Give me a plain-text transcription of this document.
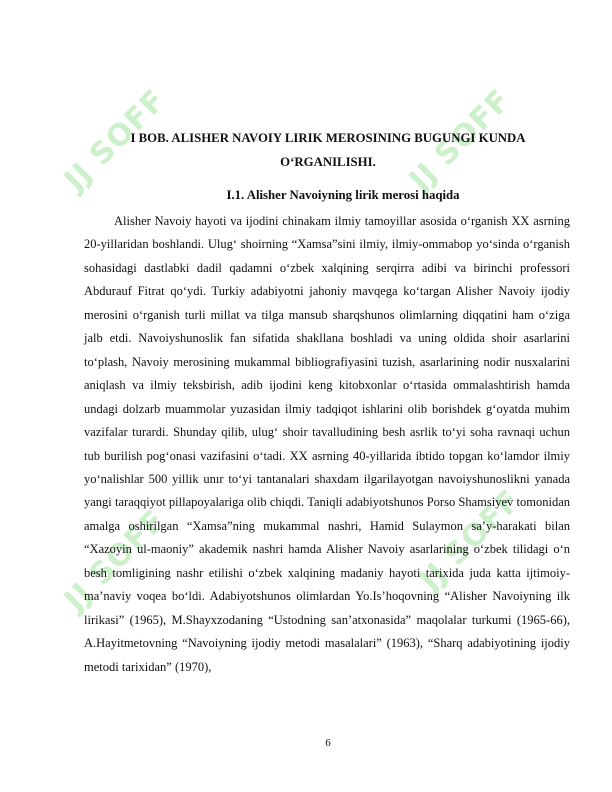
JJ SOFF	JJ SOFF
JJ SOFF	JJ SOFF
I BOB. ALISHER NAVOIY LIRIK MEROSINING BUGUNGI KUNDA O‘RGANILISHI.
I.1. Alisher Navoiyning lirik merosi haqida

Alisher Navoiy hayoti va ijodini chinakam ilmiy tamoyillar asosida o‘rganish XX asrning 20-yillaridan boshlandi. Ulug‘ shoirning “Xamsa”sini ilmiy, ilmiy-ommabop yo‘sinda o‘rganish sohasidagi dastlabki dadil qadamni o‘zbek xalqining serqirra adibi va birinchi professori Abdurauf Fitrat qo‘ydi. Turkiy adabiyotni jahoniy mavqega ko‘targan Alisher Navoiy ijodiy merosini o‘rganish turli millat va tilga mansub sharqshunos olimlarning diqqatini ham o‘ziga jalb etdi. Navoiyshunoslik fan sifatida shakllana boshladi va uning oldida shoir asarlarini to‘plash, Navoiy merosining mukammal bibliografiyasini tuzish, asarlarining nodir nusxalarini aniqlash va ilmiy teksbirish, adib ijodini keng kitobxonlar o‘rtasida ommalashtirish hamda undagi dolzarb muammolar yuzasidan ilmiy tadqiqot ishlarini olib borishdek g‘oyatda muhim vazifalar turardi. Shunday qilib, ulug‘ shoir tavalludining besh asrlik to‘yi soha ravnaqi uchun tub burilish pog‘onasi vazifasini o‘tadi. XX asrning 40-yillarida ibtido topgan ko‘lamdor ilmiy yo‘nalishlar 500 yillik unır to‘yi tantanalari shaxdam ilgarilayotgan navoiyshunoslikni yanada yangi taraqqiyot pillapoyalariga olib chiqdi. Taniqli adabiyotshunos Porso Shamsiyev tomonidan amalga oshirilgan “Xamsa”ning mukammal nashri, Hamid Sulaymon sa’y-harakati bilan “Xazoyin ul-maoniy” akademik nashri hamda Alisher Navoiy asarlarining o‘zbek tilidagi o‘n besh tomligining nashr etilishi o‘zbek xalqining madaniy hayoti tarixida juda katta ijtimoiy-ma’naviy voqea bo‘ldi. Adabiyotshunos olimlardan Yo.Is’hoqovning “Alisher Navoiyning ilk lirikasi” (1965), M.Shayxzodaning “Ustodning san’atxonasida” maqolalar turkumi (1965-66), A.Hayitmetovning “Navoiyning ijodiy metodi masalalari” (1963), “Sharq adabiyotining ijodiy metodi tarixidan” (1970),

6
